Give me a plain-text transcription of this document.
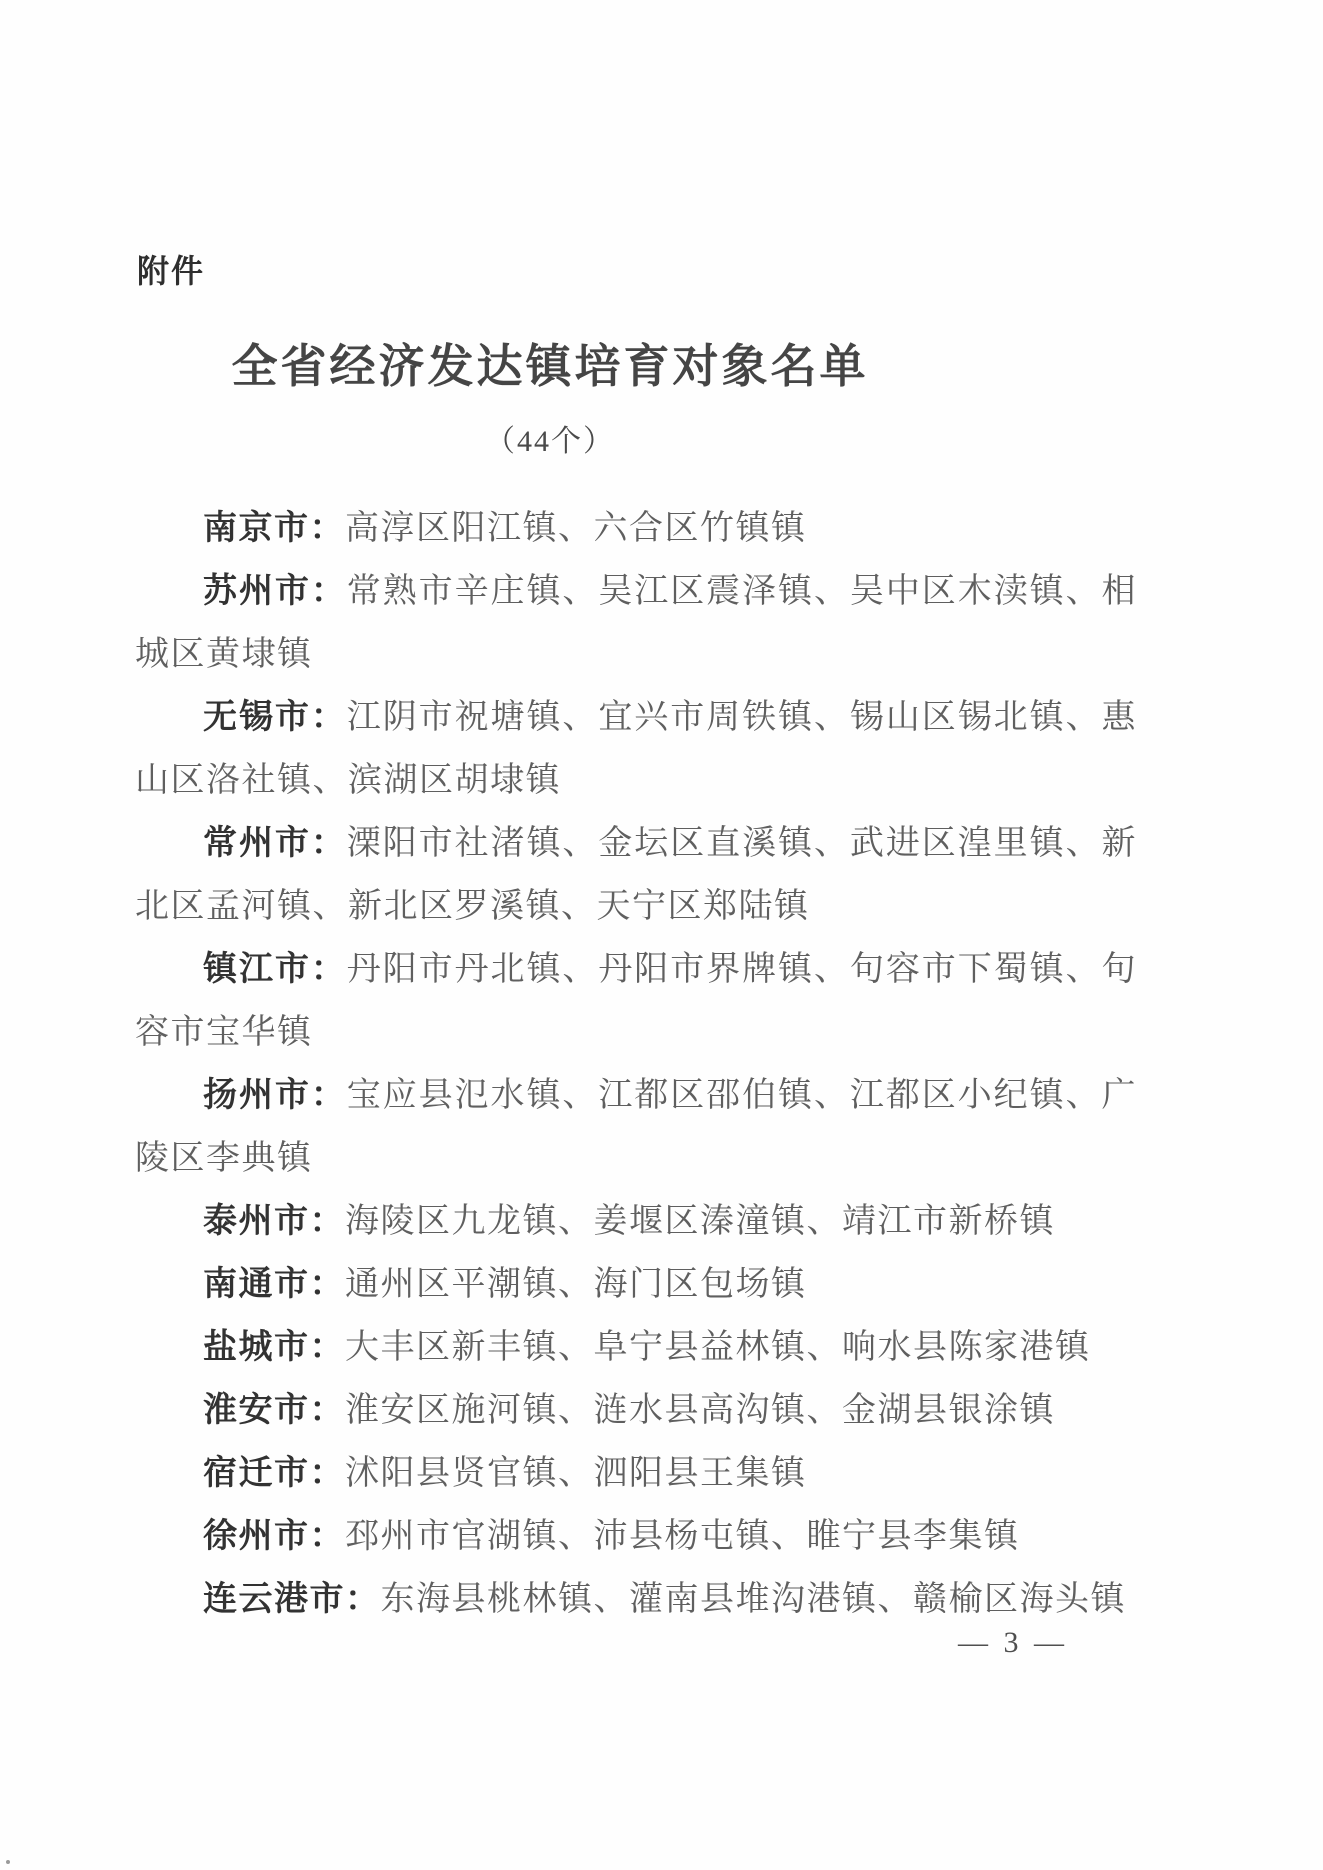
附件
全省经济发达镇培育对象名单
（44个）

南京市：高淳区阳江镇、六合区竹镇镇

苏州市：常熟市辛庄镇、吴江区震泽镇、吴中区木渎镇、相城区黄埭镇

无锡市：江阴市祝塘镇、宜兴市周铁镇、锡山区锡北镇、惠山区洛社镇、滨湖区胡埭镇

常州市：溧阳市社渚镇、金坛区直溪镇、武进区湟里镇、新北区孟河镇、新北区罗溪镇、天宁区郑陆镇

镇江市：丹阳市丹北镇、丹阳市界牌镇、句容市下蜀镇、句容市宝华镇

扬州市：宝应县氾水镇、江都区邵伯镇、江都区小纪镇、广陵区李典镇

泰州市：海陵区九龙镇、姜堰区溱潼镇、靖江市新桥镇

南通市：通州区平潮镇、海门区包场镇

盐城市：大丰区新丰镇、阜宁县益林镇、响水县陈家港镇

淮安市：淮安区施河镇、涟水县高沟镇、金湖县银涂镇

宿迁市：沭阳县贤官镇、泗阳县王集镇

徐州市：邳州市官湖镇、沛县杨屯镇、睢宁县李集镇

连云港市：东海县桃林镇、灌南县堆沟港镇、赣榆区海头镇

— 3 —
